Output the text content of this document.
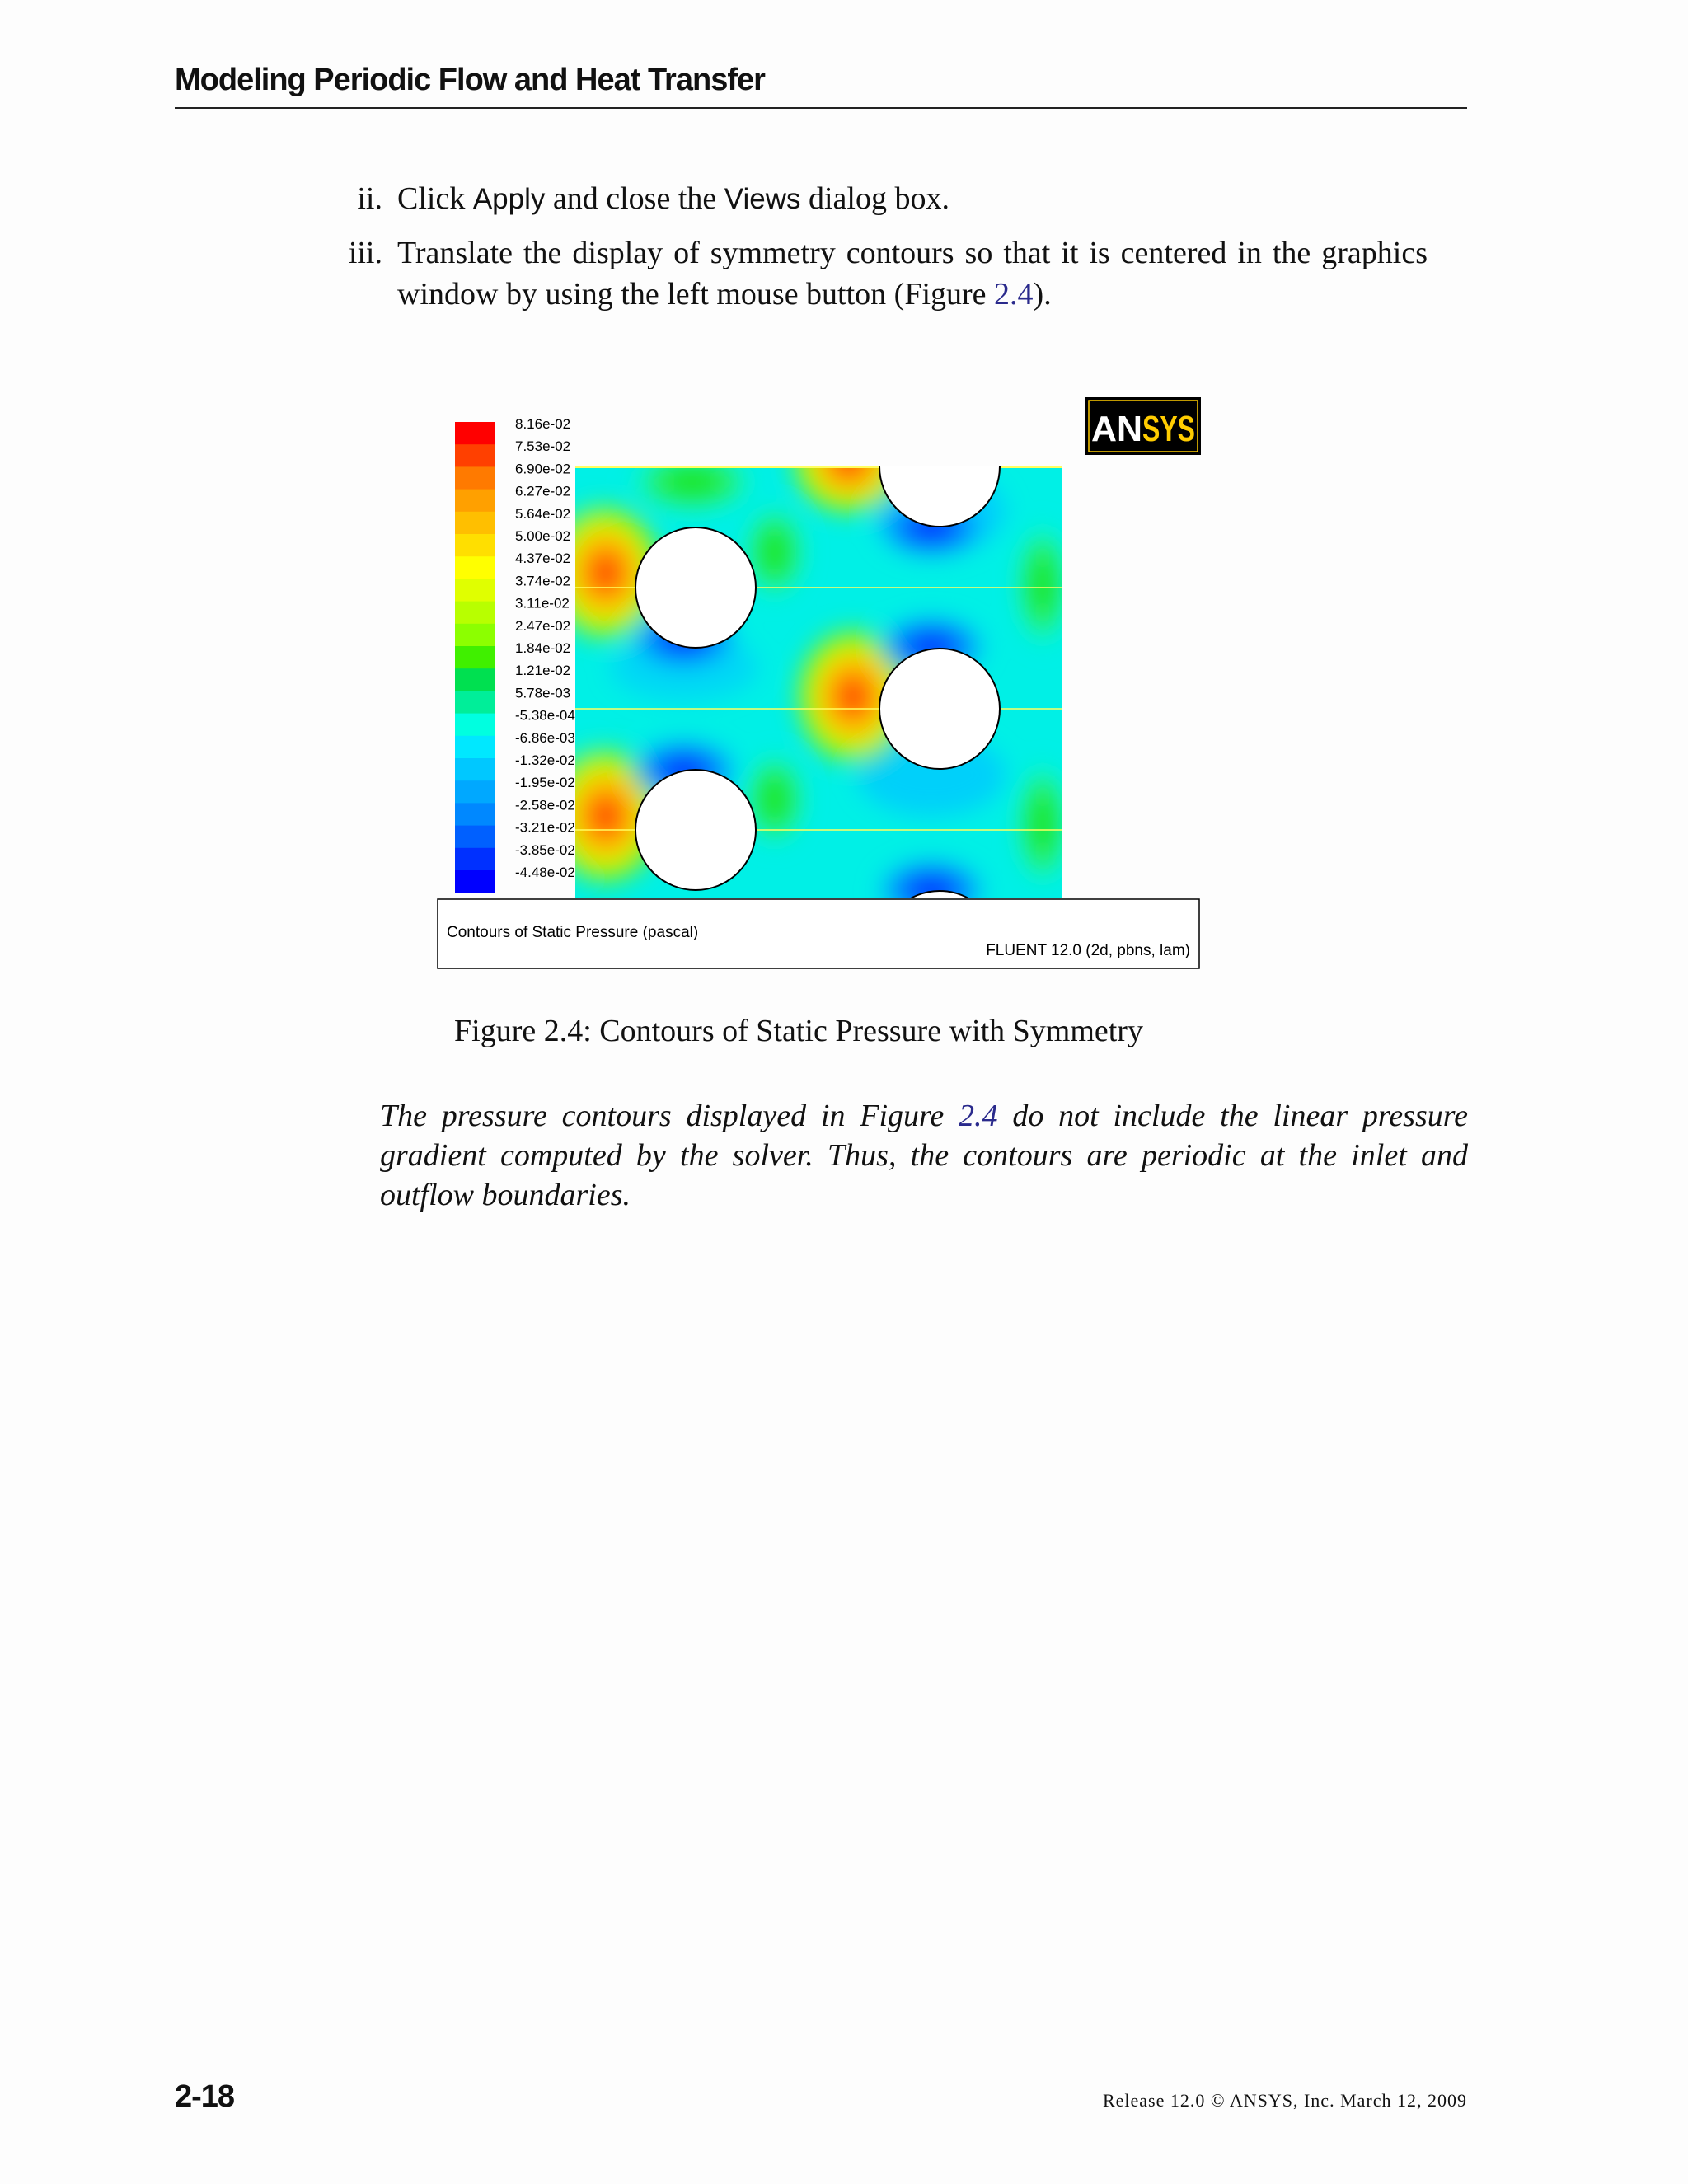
Modeling Periodic Flow and Heat Transfer
ii. Click Apply and close the Views dialog box.
iii. Translate the display of symmetry contours so that it is centered in the graphics window by using the left mouse button (Figure 2.4).
8.16e-02
7.53e-02
6.90e-02
6.27e-02
5.64e-02
5.00e-02
4.37e-02
3.74e-02
3.11e-02
2.47e-02
1.84e-02
1.21e-02
5.78e-03
-5.38e-04
-6.86e-03
-1.32e-02
-1.95e-02
-2.58e-02
-3.21e-02
-3.85e-02
-4.48e-02
AN SYS
Contours of Static Pressure (pascal)
FLUENT 12.0 (2d, pbns, lam)
Figure 2.4: Contours of Static Pressure with Symmetry
The pressure contours displayed in Figure 2.4 do not include the linear pressure gradient computed by the solver. Thus, the contours are periodic at the inlet and outflow boundaries.
2-18	Release 12.0 © ANSYS, Inc. March 12, 2009
